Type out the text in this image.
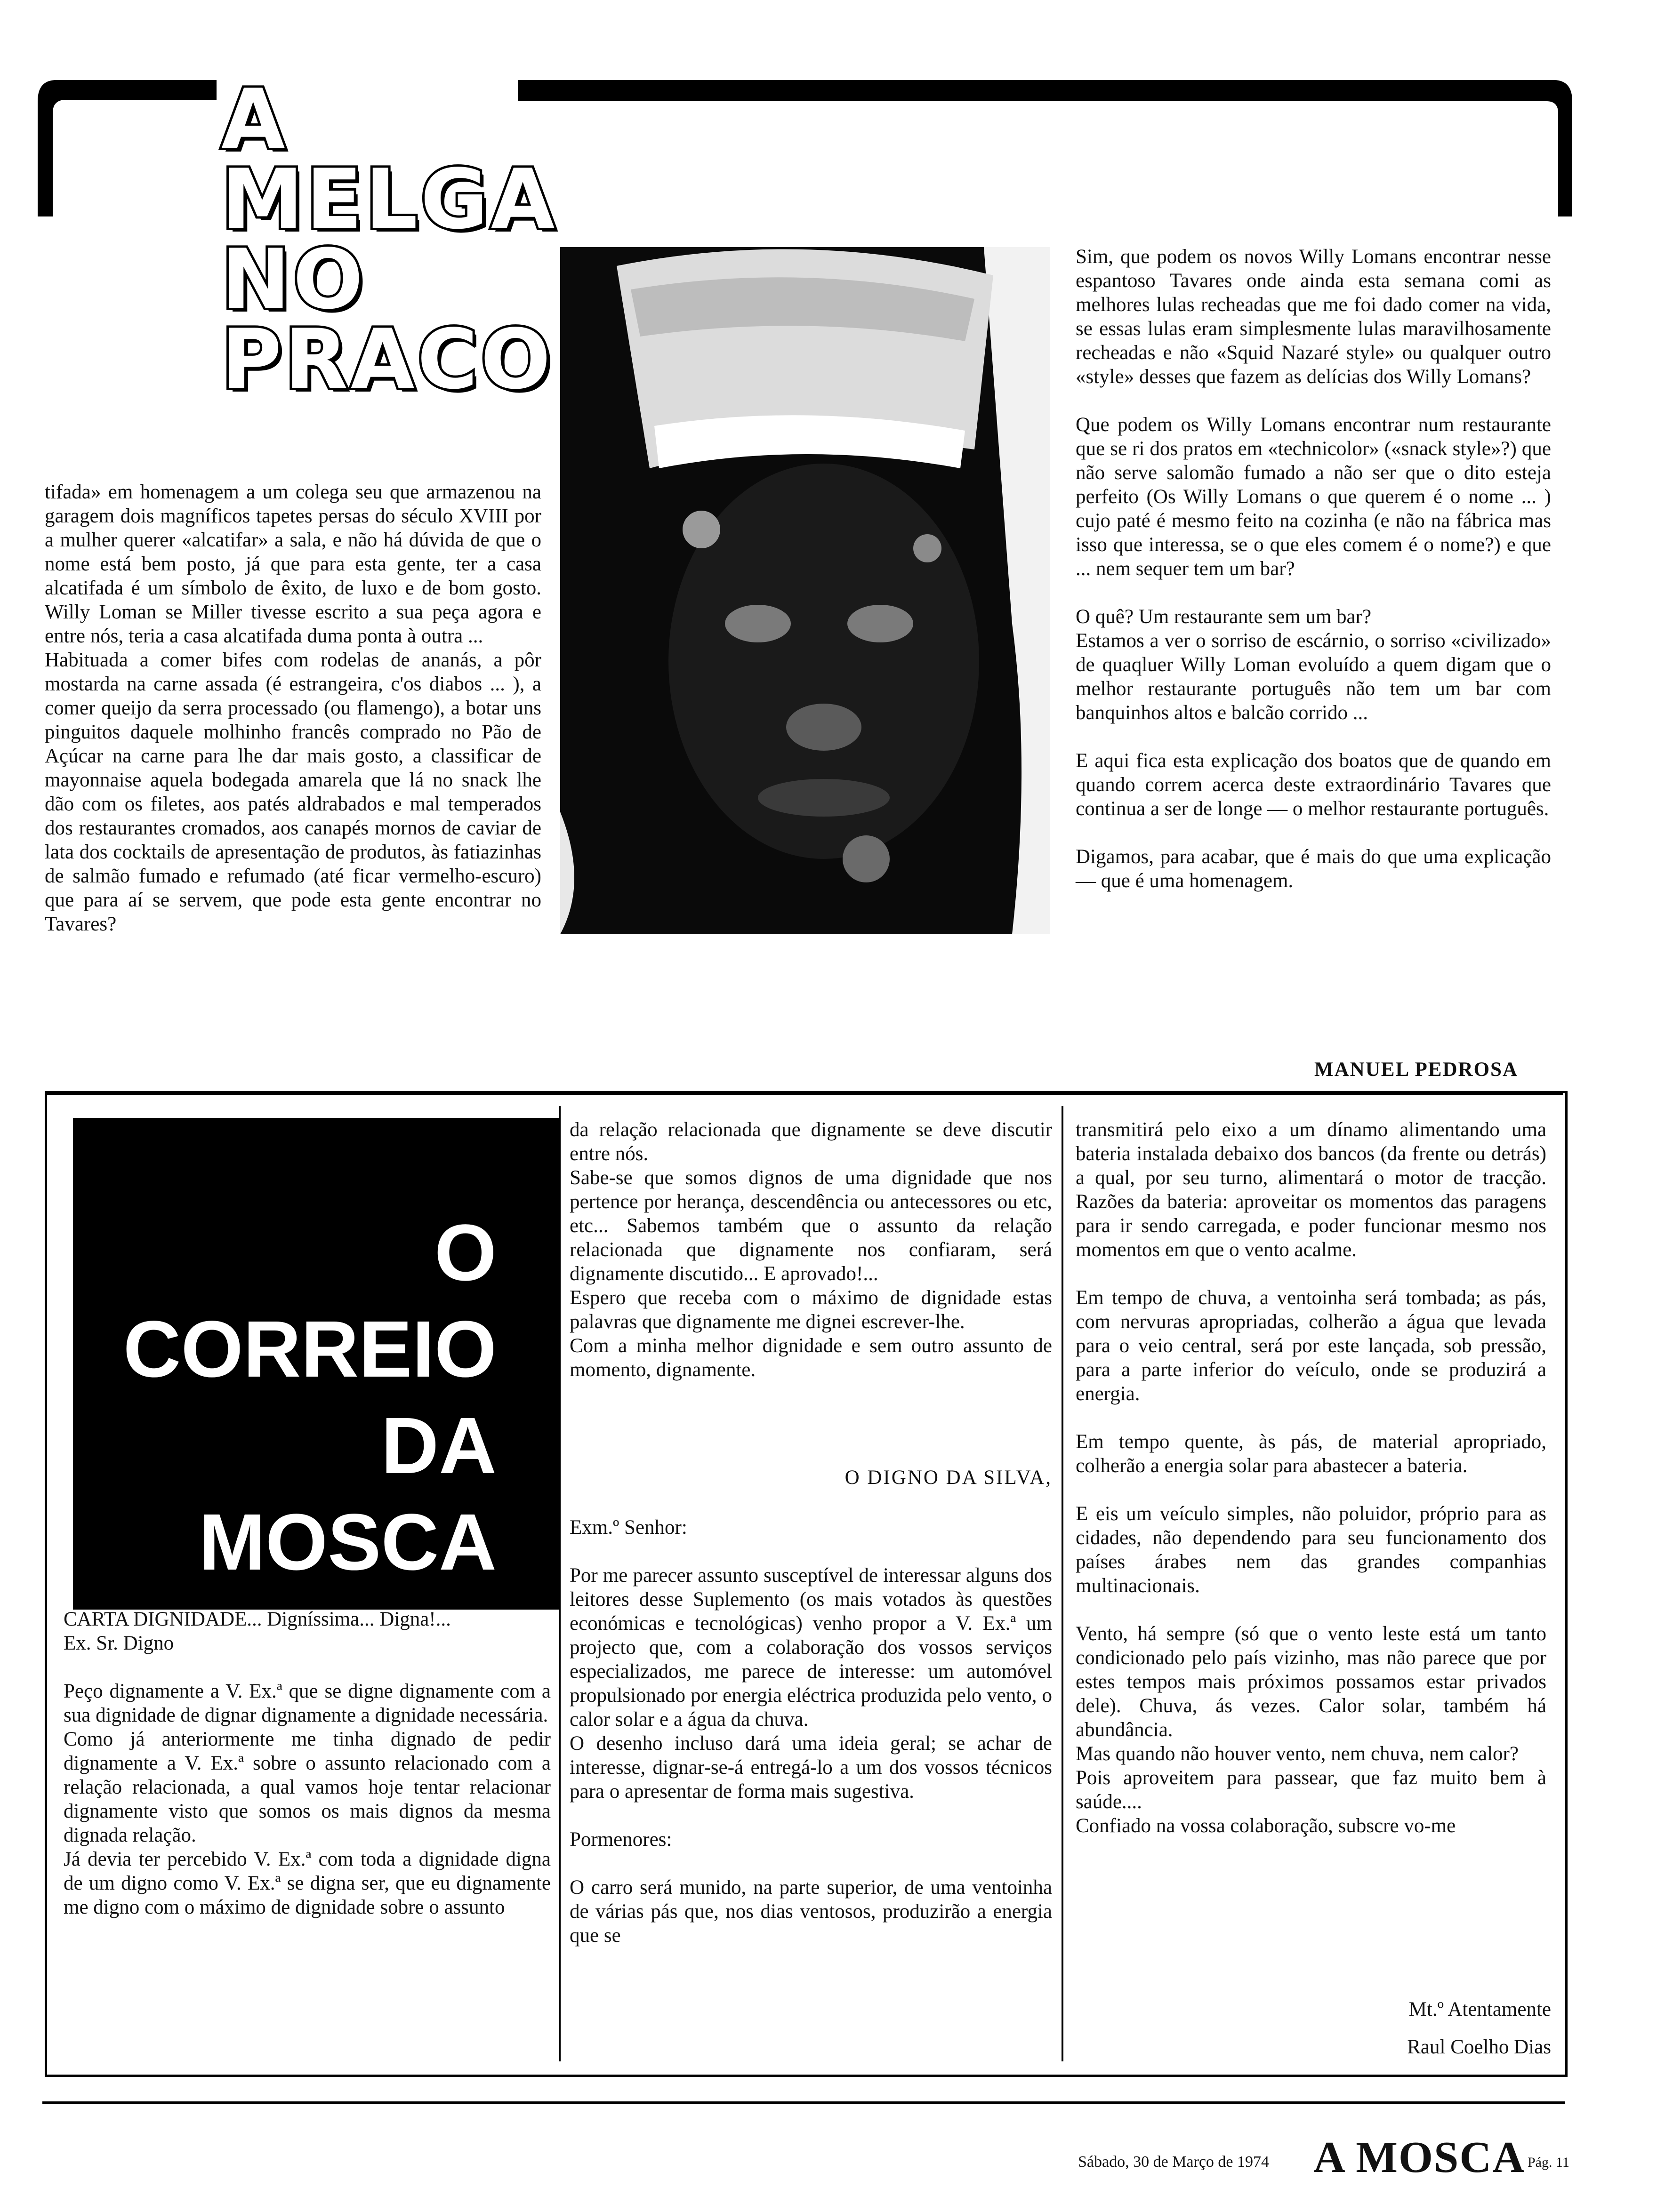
A
MELGA
NO
PRACO
tifada» em homenagem a um colega seu que armazenou na garagem dois magníficos tapetes persas do século XVIII por a mulher querer «alcatifar» a sala, e não há dúvida de que o nome está bem posto, já que para esta gente, ter a casa alcatifada é um símbolo de êxito, de luxo e de bom gosto. Willy Loman se Miller tivesse escrito a sua peça agora e entre nós, teria a casa alcatifada duma ponta à outra ...
Habituada a comer bifes com rodelas de ananás, a pôr mostarda na carne assada (é estrangeira, c'os diabos ... ), a comer queijo da serra processado (ou flamengo), a botar uns pinguitos daquele molhinho francês comprado no Pão de Açúcar na carne para lhe dar mais gosto, a classificar de mayonnaise aquela bodegada amarela que lá no snack lhe dão com os filetes, aos patés aldrabados e mal temperados dos restaurantes cromados, aos canapés mornos de caviar de lata dos cocktails de apresentação de produtos, às fatiazinhas de salmão fumado e refumado (até ficar vermelho-escuro) que para aí se servem, que pode esta gente encontrar no Tavares?
Sim, que podem os novos Willy Lomans encontrar nesse espantoso Tavares onde ainda esta semana comi as melhores lulas recheadas que me foi dado comer na vida, se essas lulas eram simplesmente lulas maravilhosamente recheadas e não «Squid Nazaré style» ou qualquer outro «style» desses que fazem as delícias dos Willy Lomans?

Que podem os Willy Lomans encontrar num restaurante que se ri dos pratos em «technicolor» («snack style»?) que não serve salomão fumado a não ser que o dito esteja perfeito (Os Willy Lomans o que querem é o nome ... ) cujo paté é mesmo feito na cozinha (e não na fábrica mas isso que interessa, se o que eles comem é o nome?) e que ... nem sequer tem um bar?

O quê? Um restaurante sem um bar?
Estamos a ver o sorriso de escárnio, o sorriso «civilizado» de quaqluer Willy Loman evoluído a quem digam que o melhor restaurante português não tem um bar com banquinhos altos e balcão corrido ...

E aqui fica esta explicação dos boatos que de quando em quando correm acerca deste extraordinário Tavares que continua a ser de longe — o melhor restaurante português.

Digamos, para acabar, que é mais do que uma explicação — que é uma homenagem.
MANUEL PEDROSA
O
CORREIO
DA
MOSCA
CARTA DIGNIDADE... Digníssima... Digna!...
Ex. Sr. Digno

Peço dignamente a V. Ex.ª que se digne dignamente com a sua dignidade de dignar dignamente a dignidade necessária.
Como já anteriormente me tinha dignado de pedir dignamente a V. Ex.ª sobre o assunto relacionado com a relação relacionada, a qual vamos hoje tentar relacionar dignamente visto que somos os mais dignos da mesma dignada relação.
Já devia ter percebido V. Ex.ª com toda a dignidade digna de um digno como V. Ex.ª se digna ser, que eu dignamente me digno com o máximo de dignidade sobre o assunto
da relação relacionada que dignamente se deve discutir entre nós.
Sabe-se que somos dignos de uma dignidade que nos pertence por herança, descendência ou antecessores ou etc, etc... Sabemos também que o assunto da relação relacionada que dignamente nos confiaram, será dignamente discutido... E aprovado!...
Espero que receba com o máximo de dignidade estas palavras que dignamente me dignei escrever-lhe.
Com a minha melhor dignidade e sem outro assunto de momento, dignamente.
O DIGNO DA SILVA,
Exm.º Senhor:

Por me parecer assunto susceptível de interessar alguns dos leitores desse Suplemento (os mais votados às questões económicas e tecnológicas) venho propor a V. Ex.ª um projecto que, com a colaboração dos vossos serviços especializados, me parece de interesse: um automóvel propulsionado por energia eléctrica produzida pelo vento, o calor solar e a água da chuva.
O desenho incluso dará uma ideia geral; se achar de interesse, dignar-se-á entregá-lo a um dos vossos técnicos para o apresentar de forma mais sugestiva.

Pormenores:

O carro será munido, na parte superior, de uma ventoinha de várias pás que, nos dias ventosos, produzirão a energia que se
transmitirá pelo eixo a um dínamo alimentando uma bateria instalada debaixo dos bancos (da frente ou detrás) a qual, por seu turno, alimentará o motor de tracção. Razões da bateria: aproveitar os momentos das paragens para ir sendo carregada, e poder funcionar mesmo nos momentos em que o vento acalme.

Em tempo de chuva, a ventoinha será tombada; as pás, com nervuras apropriadas, colherão a água que levada para o veio central, será por este lançada, sob pressão, para a parte inferior do veículo, onde se produzirá a energia.

Em tempo quente, às pás, de material apropriado, colherão a energia solar para abastecer a bateria.

E eis um veículo simples, não poluidor, próprio para as cidades, não dependendo para seu funcionamento dos países árabes nem das grandes companhias multinacionais.

Vento, há sempre (só que o vento leste está um tanto condicionado pelo país vizinho, mas não parece que por estes tempos mais próximos possamos estar privados dele). Chuva, ás vezes. Calor solar, também há abundância.
Mas quando não houver vento, nem chuva, nem calor?
Pois aproveitem para passear, que faz muito bem à saúde....
Confiado na vossa colaboração, subscre vo-me
Mt.º Atentamente
Raul Coelho Dias
Sábado, 30 de Março de 1974 A MOSCA Pág. 11
